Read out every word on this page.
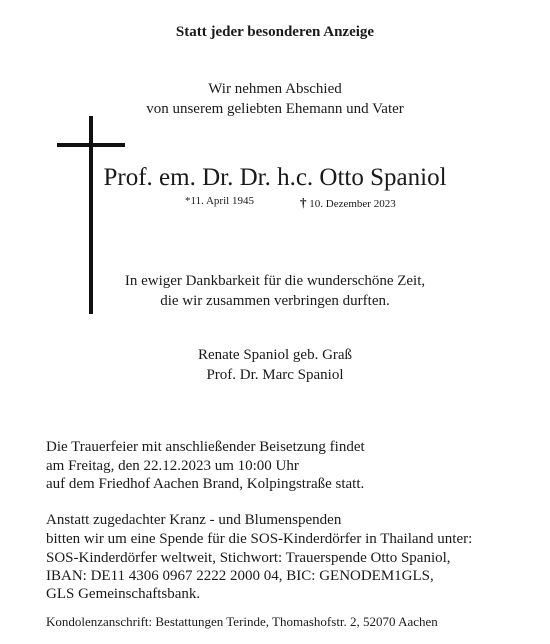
Statt jeder besonderen Anzeige
Wir nehmen Abschied
von unserem geliebten Ehemann und Vater
Prof. em. Dr. Dr. h.c. Otto Spaniol
*11. April 1945	† 10. Dezember 2023
In ewiger Dankbarkeit für die wunderschöne Zeit,
die wir zusammen verbringen durften.
Renate Spaniol geb. Graß
Prof. Dr. Marc Spaniol
Die Trauerfeier mit anschließender Beisetzung findet
am Freitag, den 22.12.2023 um 10:00 Uhr
auf dem Friedhof Aachen Brand, Kolpingstraße statt.
Anstatt zugedachter Kranz - und Blumenspenden
bitten wir um eine Spende für die SOS-Kinderdörfer in Thailand unter:
SOS-Kinderdörfer weltweit, Stichwort: Trauerspende Otto Spaniol,
IBAN: DE11 4306 0967 2222 2000 04, BIC: GENODEM1GLS,
GLS Gemeinschaftsbank.
Kondolenzanschrift: Bestattungen Terinde, Thomashofstr. 2, 52070 Aachen
